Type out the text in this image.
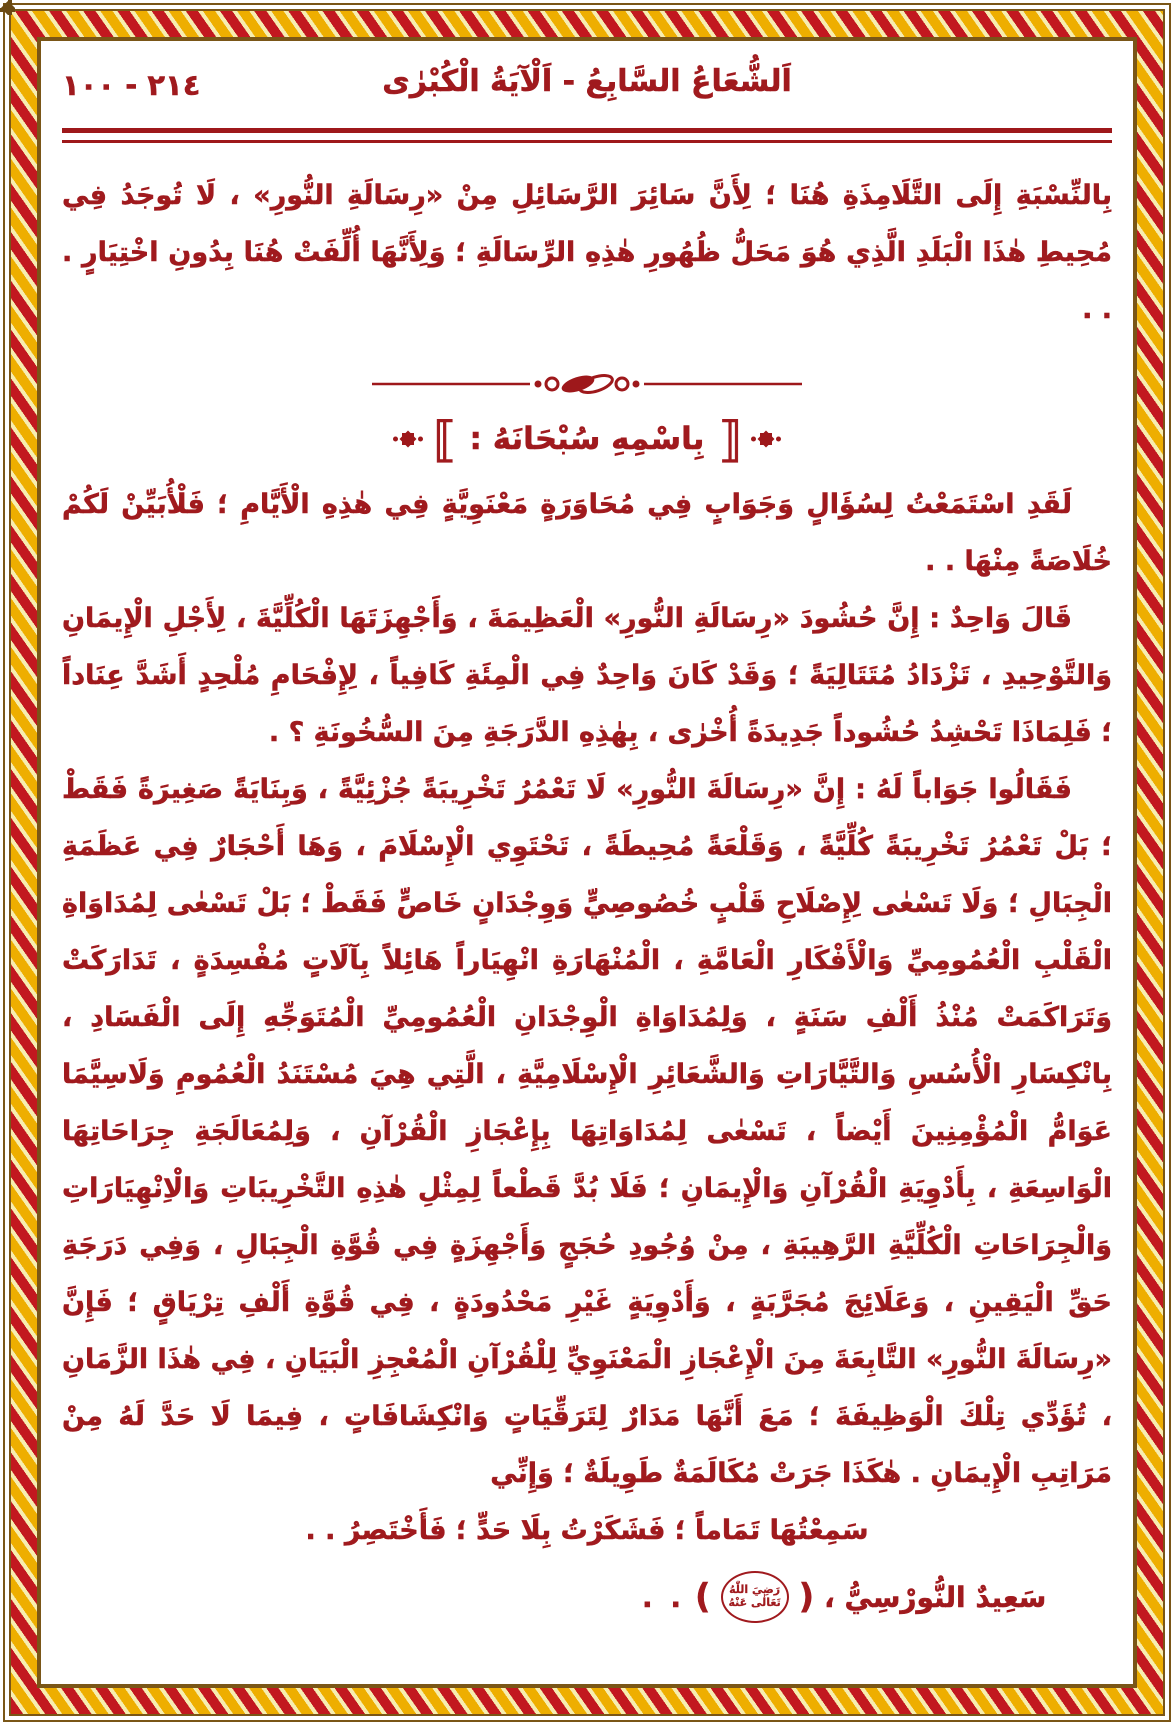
٢١٤ - ١٠٠	اَلشُّعَاعُ السَّابِعُ - اَلْآيَةُ الْكُبْرٰى

بِالنِّسْبَةِ إِلَى التَّلَامِذَةِ هُنَا ؛ لِأَنَّ سَائِرَ الرَّسَائِلِ مِنْ «رِسَالَةِ النُّورِ» ، لَا تُوجَدُ فِي مُحِيطِ هٰذَا الْبَلَدِ الَّذِي هُوَ مَحَلُّ ظُهُورِ هٰذِهِ الرِّسَالَةِ ؛ وَلِأَنَّهَا أُلِّفَتْ هُنَا بِدُونِ اخْتِيَارٍ . . .

⟦
بِاسْمِهِ سُبْحَانَهُ :
⟧

لَقَدِ اسْتَمَعْتُ لِسُؤَالٍ وَجَوَابٍ فِي مُحَاوَرَةٍ مَعْنَوِيَّةٍ فِي هٰذِهِ الْأَيَّامِ ؛ فَلْأُبَيِّنْ لَكُمْ خُلَاصَةً مِنْهَا . .

قَالَ وَاحِدٌ : إِنَّ حُشُودَ «رِسَالَةِ النُّورِ» الْعَظِيمَةَ ، وَأَجْهِزَتَهَا الْكُلِّيَّةَ ، لِأَجْلِ الْإِيمَانِ وَالتَّوْحِيدِ ، تَزْدَادُ مُتَتَالِيَةً ؛ وَقَدْ كَانَ وَاحِدٌ فِي الْمِئَةِ كَافِياً ، لِإِفْحَامِ مُلْحِدٍ أَشَدَّ عِنَاداً ؛ فَلِمَاذَا تَحْشِدُ حُشُوداً جَدِيدَةً أُخْرٰى ، بِهٰذِهِ الدَّرَجَةِ مِنَ السُّخُونَةِ ؟ .

فَقَالُوا جَوَاباً لَهُ : إِنَّ «رِسَالَةَ النُّورِ» لَا تَعْمُرُ تَخْرِيبَةً جُزْئِيَّةً ، وَبِنَايَةً صَغِيرَةً فَقَطْ ؛ بَلْ تَعْمُرُ تَخْرِيبَةً كُلِّيَّةً ، وَقَلْعَةً مُحِيطَةً ، تَحْتَوِي الْإِسْلَامَ ، وَهَا أَحْجَارٌ فِي عَظَمَةِ الْجِبَالِ ؛ وَلَا تَسْعٰى لِإِصْلَاحِ قَلْبٍ خُصُوصِيٍّ وَوِجْدَانٍ خَاصٍّ فَقَطْ ؛ بَلْ تَسْعٰى لِمُدَاوَاةِ الْقَلْبِ الْعُمُومِيِّ وَالْأَفْكَارِ الْعَامَّةِ ، الْمُنْهَارَةِ انْهِيَاراً هَائِلاً بِآلَاتٍ مُفْسِدَةٍ ، تَدَارَكَتْ وَتَرَاكَمَتْ مُنْذُ أَلْفِ سَنَةٍ ، وَلِمُدَاوَاةِ الْوِجْدَانِ الْعُمُومِيِّ الْمُتَوَجِّهِ إِلَى الْفَسَادِ ، بِانْكِسَارِ الْأُسُسِ وَالتَّيَّارَاتِ وَالشَّعَائِرِ الْإِسْلَامِيَّةِ ، الَّتِي هِيَ مُسْتَنَدُ الْعُمُومِ وَلَاسِيَّمَا عَوَامُّ الْمُؤْمِنِينَ أَيْضاً ، تَسْعٰى لِمُدَاوَاتِهَا بِإِعْجَازِ الْقُرْآنِ ، وَلِمُعَالَجَةِ جِرَاحَاتِهَا الْوَاسِعَةِ ، بِأَدْوِيَةِ الْقُرْآنِ وَالْإِيمَانِ ؛ فَلَا بُدَّ قَطْعاً لِمِثْلِ هٰذِهِ التَّخْرِيبَاتِ وَالْاِنْهِيَارَاتِ وَالْجِرَاحَاتِ الْكُلِّيَّةِ الرَّهِيبَةِ ، مِنْ وُجُودِ حُجَجٍ وَأَجْهِزَةٍ فِي قُوَّةِ الْجِبَالِ ، وَفِي دَرَجَةِ حَقِّ الْيَقِينِ ، وَعَلَائِجَ مُجَرَّبَةٍ ، وَأَدْوِيَةٍ غَيْرِ مَحْدُودَةٍ ، فِي قُوَّةِ أَلْفِ تِرْيَاقٍ ؛ فَإِنَّ «رِسَالَةَ النُّورِ» التَّابِعَةَ مِنَ الْإِعْجَازِ الْمَعْنَوِيِّ لِلْقُرْآنِ الْمُعْجِزِ الْبَيَانِ ، فِي هٰذَا الزَّمَانِ ، تُؤَدِّي تِلْكَ الْوَظِيفَةَ ؛ مَعَ أَنَّهَا مَدَارٌ لِتَرَقِّيَاتٍ وَانْكِشَافَاتٍ ، فِيمَا لَا حَدَّ لَهُ مِنْ مَرَاتِبِ الْإِيمَانِ . هٰكَذَا جَرَتْ مُكَالَمَةٌ طَوِيلَةٌ ؛ وَإِنِّي

سَمِعْتُهَا تَمَاماً ؛ فَشَكَرْتُ بِلَا حَدٍّ ؛ فَأَخْتَصِرُ . .

سَعِيدٌ النُّورْسِيُّ ،
(
رَضِيَ اللّٰهُ
تَعَالٰى عَنْهُ
)
. .
